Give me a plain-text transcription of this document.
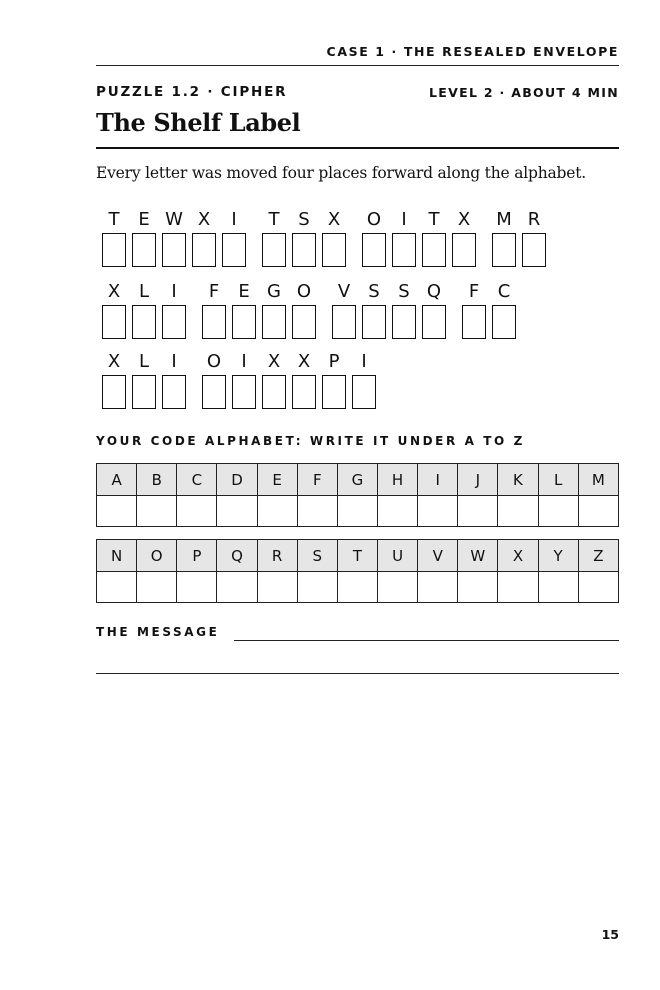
CASE 1 · THE RESEALED ENVELOPE
PUZZLE 1.2 · CIPHER	LEVEL 2 · ABOUT 4 MIN
The Shelf Label
Every letter was moved four places forward along the alphabet.
T E W X I T S X O I T X M R
X L I F E G O V S S Q F C
X L I O I X X P I
YOUR CODE ALPHABET: WRITE IT UNDER A TO Z
A	B	C	D	E	F	G	H	I	J	K	L	M

N	O	P	Q	R	S	T	U	V	W	X	Y	Z

THE MESSAGE
15
